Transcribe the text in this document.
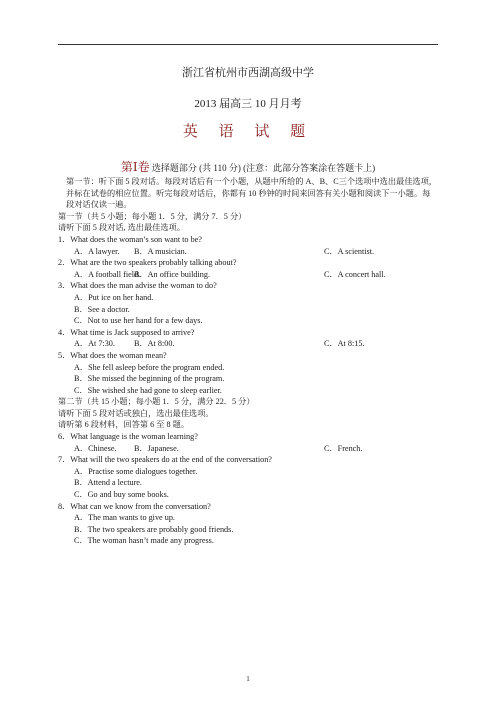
浙江省杭州市西湖高级中学
2013 届高三 10 月月考
英 语 试 题
第Ⅰ卷 选择题部分 (共 110 分) (注意：此部分答案涂在答题卡上)
第一节：听下面 5 段对话。每段对话后有一个小题，从题中所给的 A、B、C三个选项中选出最佳选项，并标在试卷的相应位置。听完每段对话后，你都有 10 秒钟的时间来回答有关小题和阅读下一小题。每段对话仅读一遍。
第一节（共 5 小题；每小题 1．5 分，满分 7．5 分）
请听下面 5 段对话, 选出最佳选项。
1．What does the woman’s son want to be?
A．A lawyer. B．A musician.	C．A scientist.
2．What are the two speakers probably talking about?
A．A football field.
B．An office building.	C．A concert hall.
3．What does the man advise the woman to do?
A．Put ice on her hand.
B．See a doctor.
C．Not to use her hand for a few days.
4．What time is Jack supposed to arrive?
A．At 7:30. B．At 8:00.	C．At 8:15.
5．What does the woman mean?
A．She fell asleep before the program ended.
B．She missed the beginning of the program.
C．She wished she had gone to sleep earlier.
第二节（共 15 小题；每小题 1．5 分，满分 22．5 分）
请听下面 5 段对话或独白，选出最佳选项。
请听第 6 段材料，回答第 6 至 8 题。
6．What language is the woman learning?
A．Chinese. B．Japanese.	C．French.
7．What will the two speakers do at the end of the conversation?
A．Practise some dialogues together.
B．Attend a lecture.
C．Go and buy some books.
8．What can we know from the conversation?
A．The man wants to give up.
B．The two speakers are probably good friends.
C．The woman hasn’t made any progress.
1
